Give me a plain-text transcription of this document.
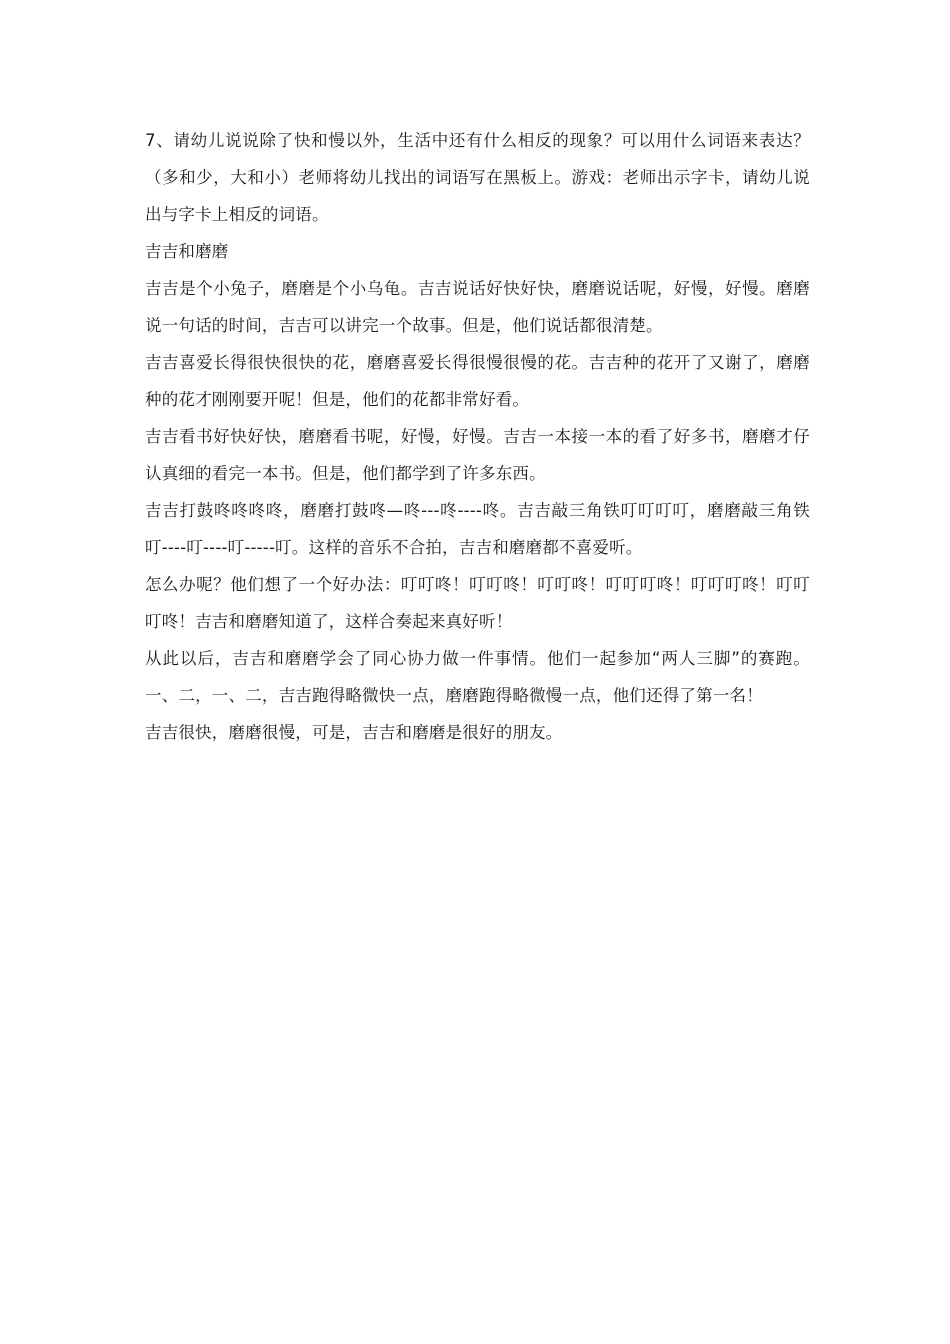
7、请幼儿说说除了快和慢以外，生活中还有什么相反的现象？可以用什么词语来表达？（多和少，大和小）老师将幼儿找出的词语写在黑板上。游戏：老师出示字卡，请幼儿说出与字卡上相反的词语。

吉吉和磨磨

吉吉是个小兔子，磨磨是个小乌龟。吉吉说话好快好快，磨磨说话呢，好慢，好慢。磨磨说一句话的时间，吉吉可以讲完一个故事。但是，他们说话都很清楚。

吉吉喜爱长得很快很快的花，磨磨喜爱长得很慢很慢的花。吉吉种的花开了又谢了，磨磨种的花才刚刚要开呢！但是，他们的花都非常好看。

吉吉看书好快好快，磨磨看书呢，好慢，好慢。吉吉一本接一本的看了好多书，磨磨才仔认真细的看完一本书。但是，他们都学到了许多东西。

吉吉打鼓咚咚咚咚，磨磨打鼓咚—咚---咚----咚。吉吉敲三角铁叮叮叮叮，磨磨敲三角铁叮----叮----叮-----叮。这样的音乐不合拍，吉吉和磨磨都不喜爱听。

怎么办呢？他们想了一个好办法：叮叮咚！叮叮咚！叮叮咚！叮叮叮咚！叮叮叮咚！叮叮叮咚！吉吉和磨磨知道了，这样合奏起来真好听！

从此以后，吉吉和磨磨学会了同心协力做一件事情。他们一起参加“两人三脚”的赛跑。一、二，一、二，吉吉跑得略微快一点，磨磨跑得略微慢一点，他们还得了第一名！

吉吉很快，磨磨很慢，可是，吉吉和磨磨是很好的朋友。
